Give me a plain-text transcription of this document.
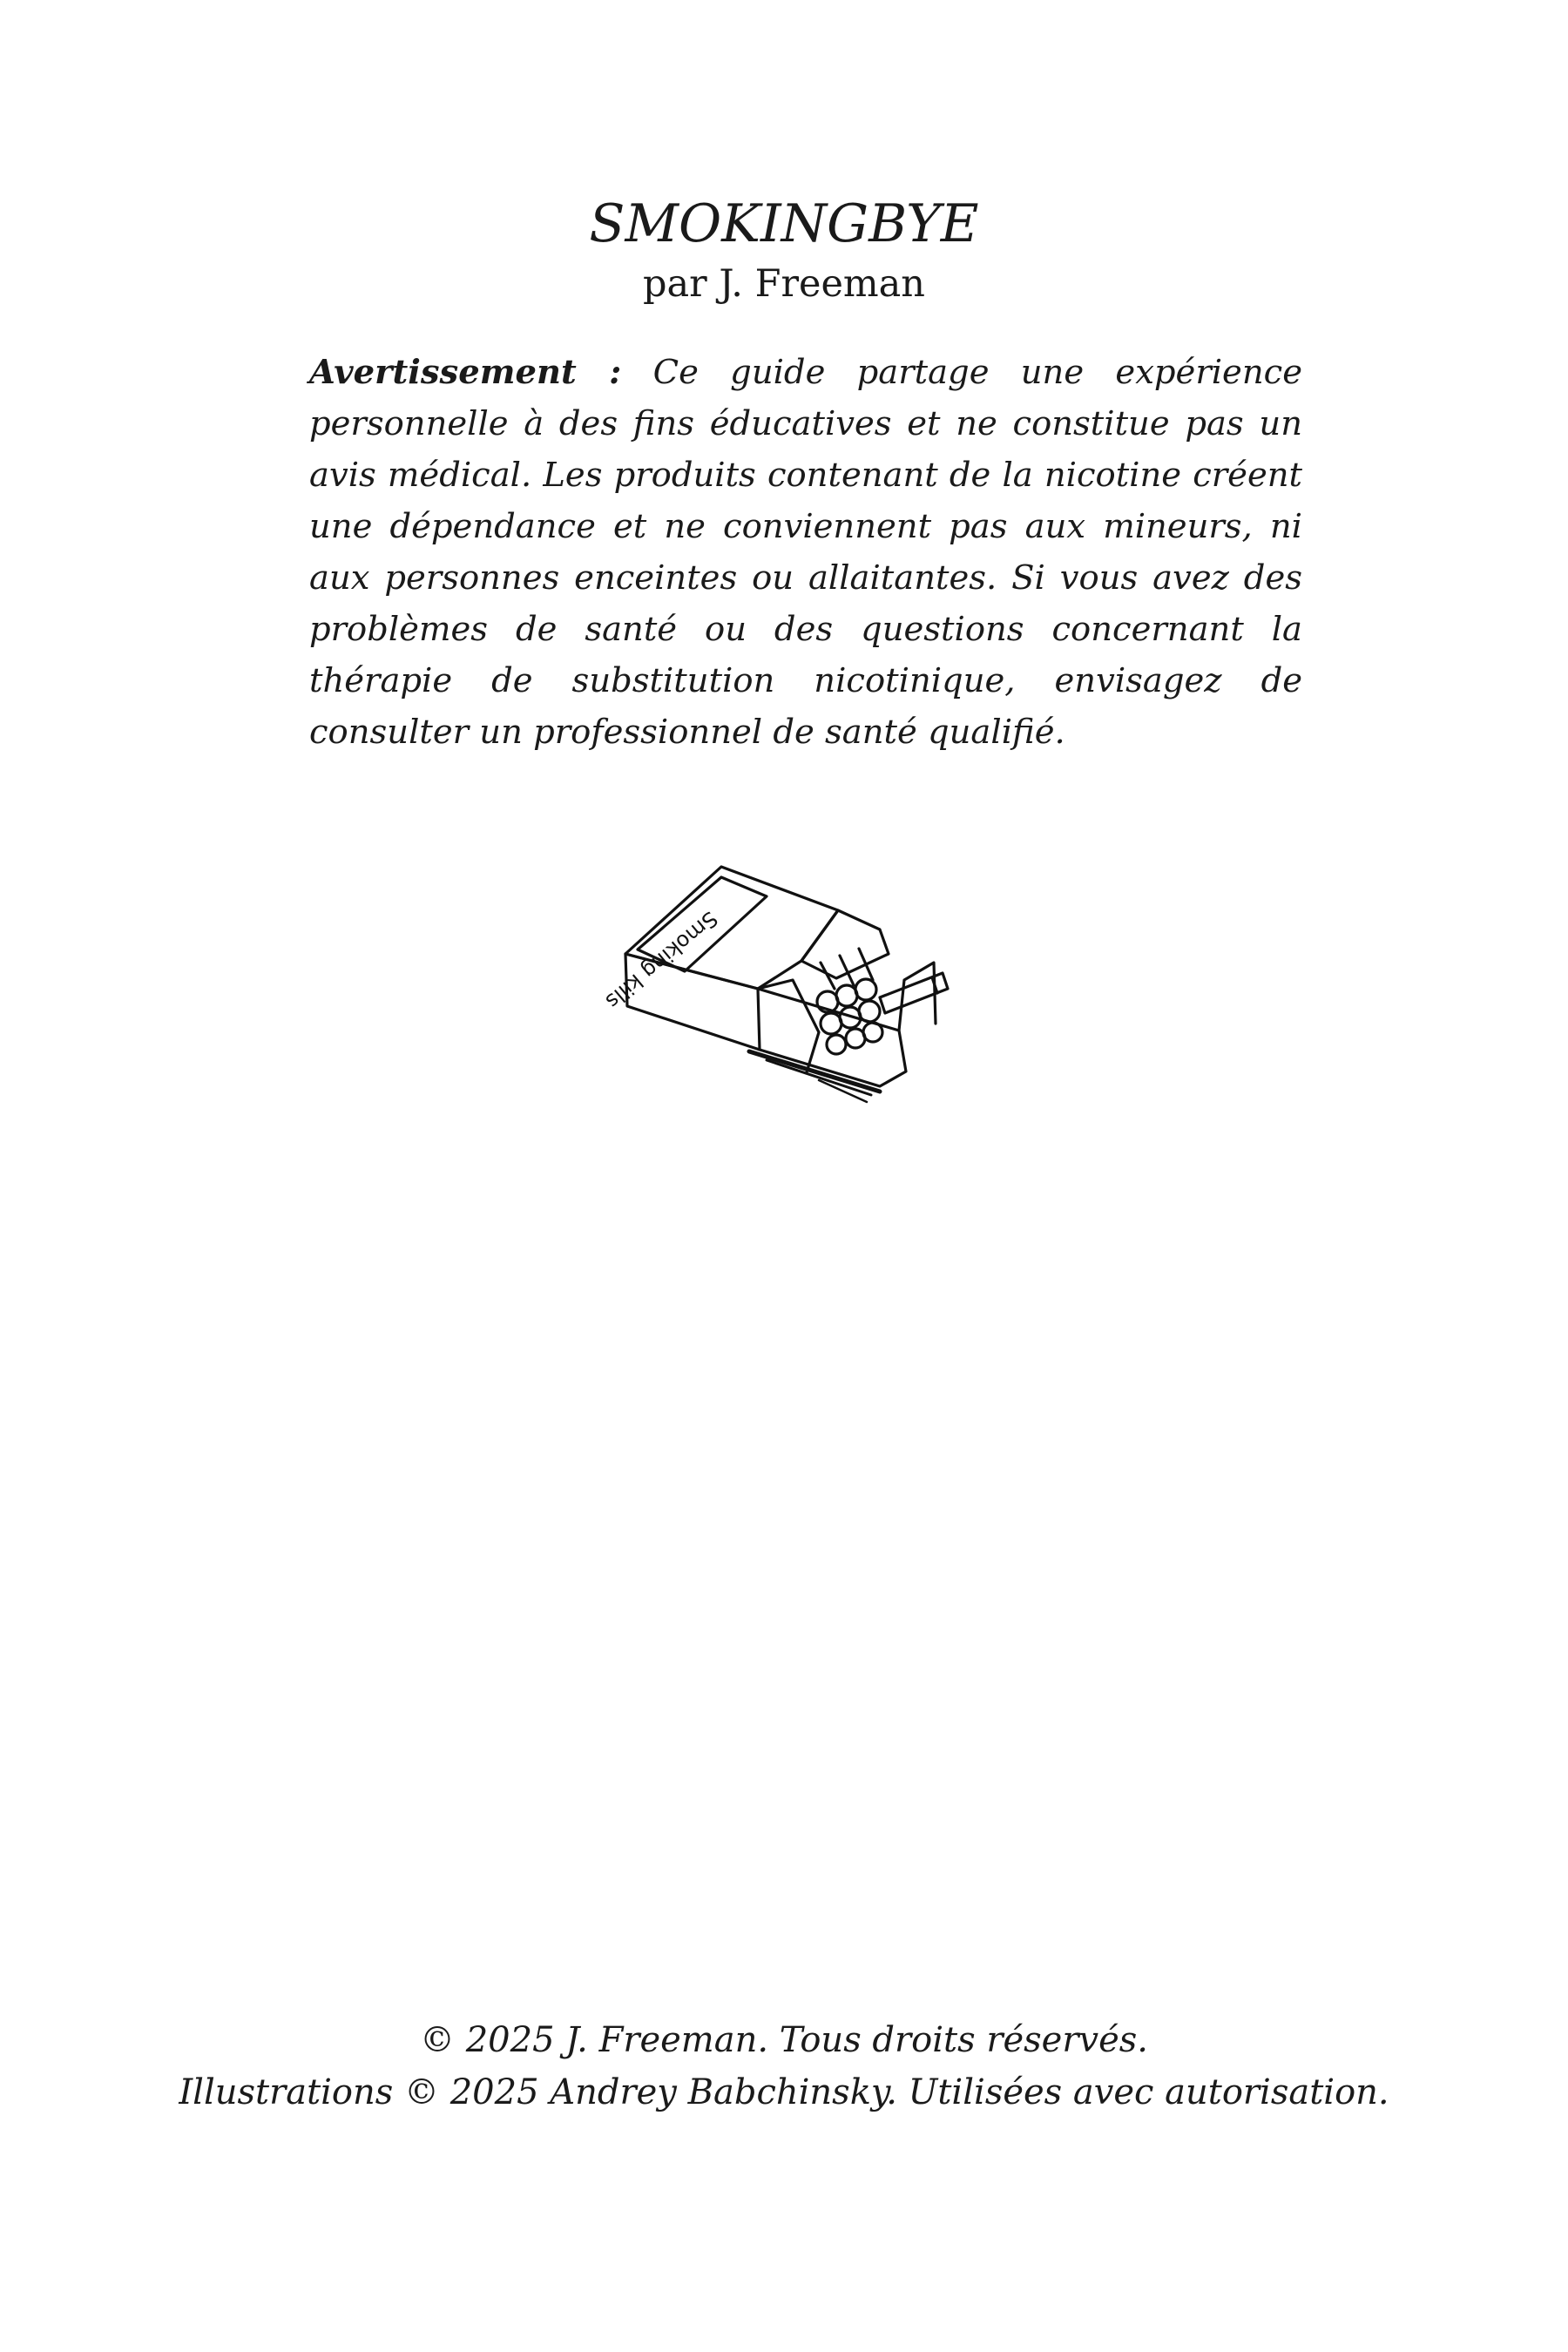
SMOKINGBYE

par J. Freeman

Avertissement : Ce guide partage une expérience personnelle à des fins éducatives et ne constitue pas un avis médical. Les produits contenant de la nicotine créent une dépendance et ne conviennent pas aux mineurs, ni aux personnes enceintes ou allaitantes. Si vous avez des problèmes de santé ou des questions concernant la thérapie de substitution nicotinique, envisagez de consulter un professionnel de santé qualifié.

Smoking kills

© 2025 J. Freeman. Tous droits réservés.

Illustrations © 2025 Andrey Babchinsky. Utilisées avec autorisation.
